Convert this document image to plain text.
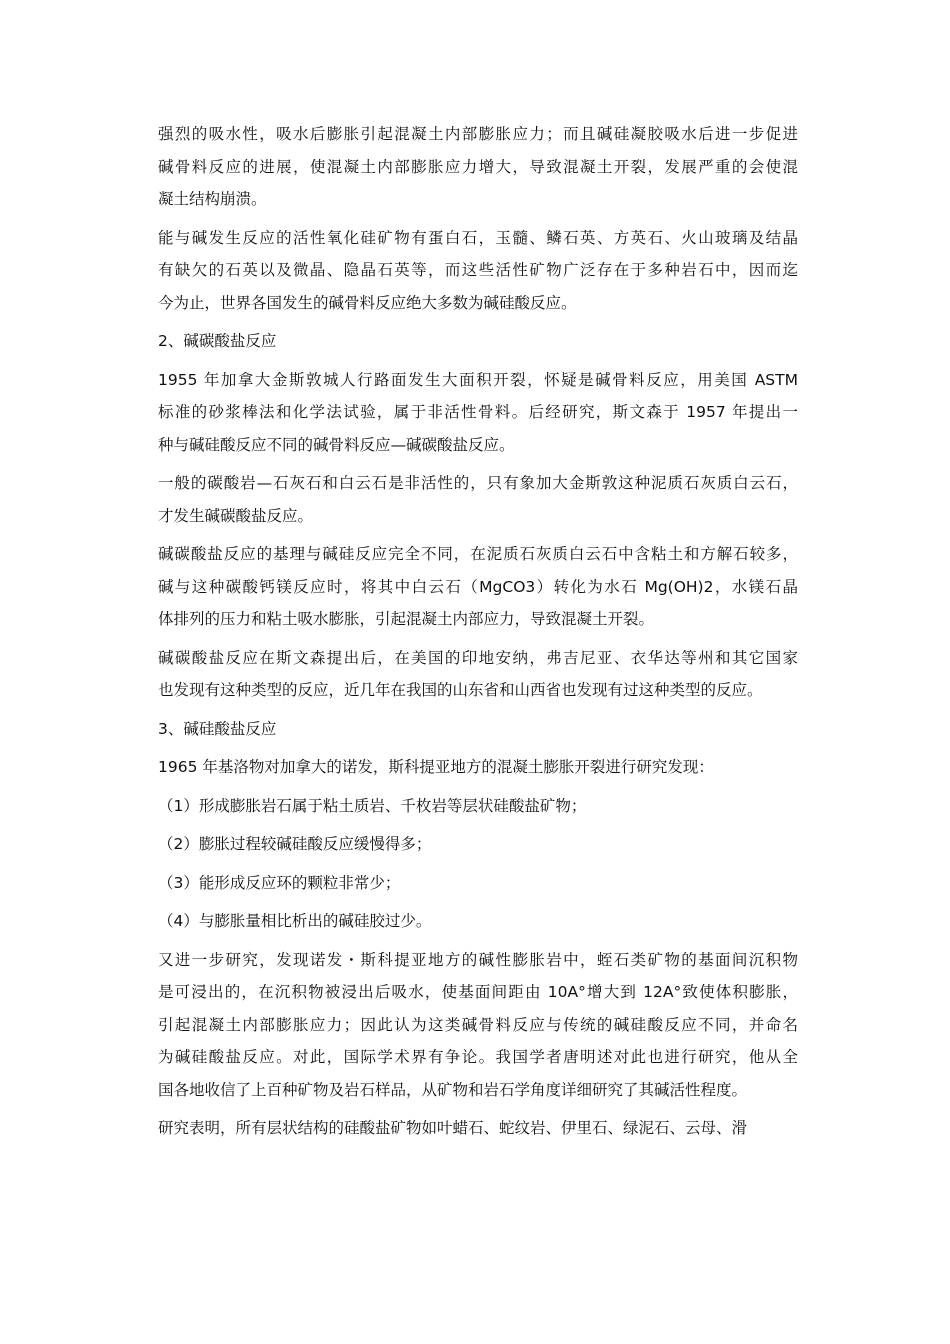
强烈的吸水性，吸水后膨胀引起混凝土内部膨胀应力；而且碱硅凝胶吸水后进一步促进
碱骨料反应的进展，使混凝土内部膨胀应力增大，导致混凝土开裂，发展严重的会使混
凝土结构崩溃。
能与碱发生反应的活性氧化硅矿物有蛋白石，玉髓、鳞石英、方英石、火山玻璃及结晶
有缺欠的石英以及微晶、隐晶石英等，而这些活性矿物广泛存在于多种岩石中，因而迄
今为止，世界各国发生的碱骨料反应绝大多数为碱硅酸反应。
2、碱碳酸盐反应
1955 年加拿大金斯敦城人行路面发生大面积开裂，怀疑是碱骨料反应，用美国 ASTM
标准的砂浆棒法和化学法试验，属于非活性骨料。后经研究，斯文森于 1957 年提出一
种与碱硅酸反应不同的碱骨料反应—碱碳酸盐反应。
一般的碳酸岩—石灰石和白云石是非活性的，只有象加大金斯敦这种泥质石灰质白云石，
才发生碱碳酸盐反应。
碱碳酸盐反应的基理与碱硅反应完全不同，在泥质石灰质白云石中含粘土和方解石较多，
碱与这种碳酸钙镁反应时，将其中白云石（MgCO3）转化为水石 Mg(OH)2，水镁石晶
体排列的压力和粘土吸水膨胀，引起混凝土内部应力，导致混凝土开裂。
碱碳酸盐反应在斯文森提出后，在美国的印地安纳，弗吉尼亚、衣华达等州和其它国家
也发现有这种类型的反应，近几年在我国的山东省和山西省也发现有过这种类型的反应。
3、碱硅酸盐反应
1965 年基洛物对加拿大的诺发，斯科提亚地方的混凝土膨胀开裂进行研究发现：
（1）形成膨胀岩石属于粘土质岩、千枚岩等层状硅酸盐矿物；
（2）膨胀过程较碱硅酸反应缓慢得多；
（3）能形成反应环的颗粒非常少；
（4）与膨胀量相比析出的碱硅胶过少。
又进一步研究，发现诺发・斯科提亚地方的碱性膨胀岩中，蛭石类矿物的基面间沉积物
是可浸出的，在沉积物被浸出后吸水，使基面间距由 10A°增大到 12A°致使体积膨胀，
引起混凝土内部膨胀应力；因此认为这类碱骨料反应与传统的碱硅酸反应不同，并命名
为碱硅酸盐反应。对此，国际学术界有争论。我国学者唐明述对此也进行研究，他从全
国各地收信了上百种矿物及岩石样品，从矿物和岩石学角度详细研究了其碱活性程度。
研究表明，所有层状结构的硅酸盐矿物如叶蜡石、蛇纹岩、伊里石、绿泥石、云母、滑
